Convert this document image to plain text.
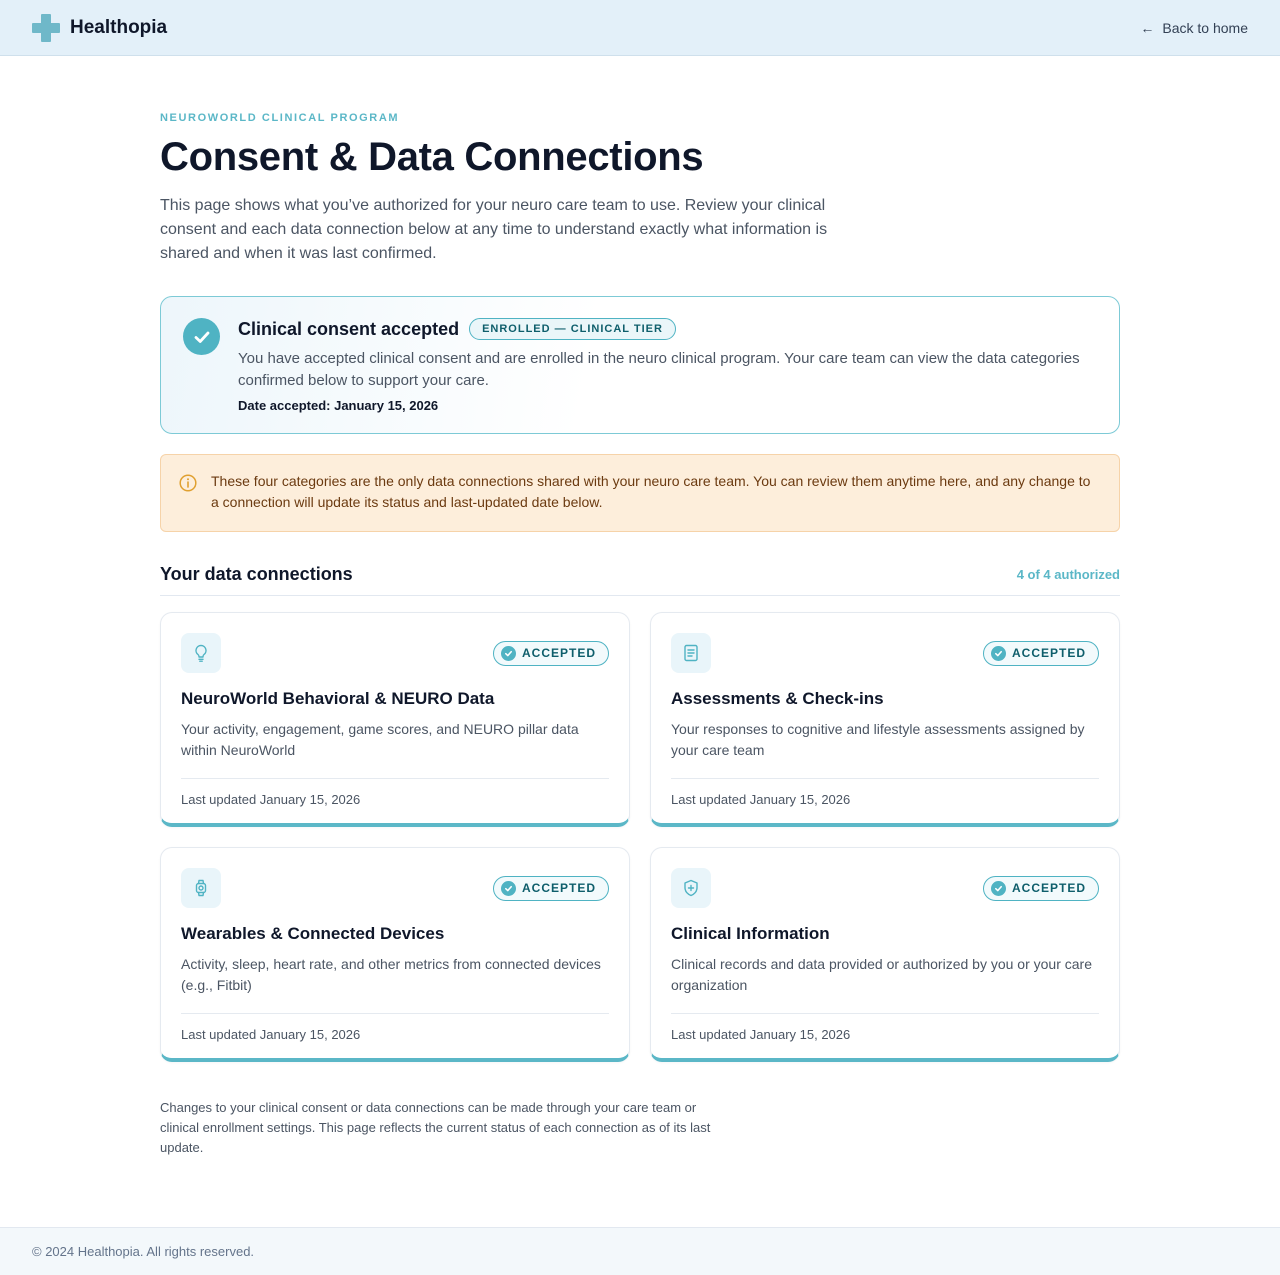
Healthopia	← Back to home
NEUROWORLD CLINICAL PROGRAM
Consent & Data Connections

This page shows what you’ve authorized for your neuro care team to use. Review your clinical consent and each data connection below at any time to understand exactly what information is shared and when it was last confirmed.

Clinical consent accepted	ENROLLED — CLINICAL TIER

You have accepted clinical consent and are enrolled in the neuro clinical program. Your care team can view the data categories confirmed below to support your care.

Date accepted: January 15, 2026

These four categories are the only data connections shared with your neuro care team. You can review them anytime here, and any change to a connection will update its status and last-updated date below.

Your data connections	4 of 4 authorized
ACCEPTED
NeuroWorld Behavioral & NEURO Data

Your activity, engagement, game scores, and NEURO pillar data within NeuroWorld

Last updated January 15, 2026

ACCEPTED
Assessments & Check-ins

Your responses to cognitive and lifestyle assessments assigned by your care team

Last updated January 15, 2026

ACCEPTED
Wearables & Connected Devices

Activity, sleep, heart rate, and other metrics from connected devices (e.g., Fitbit)

Last updated January 15, 2026

ACCEPTED
Clinical Information

Clinical records and data provided or authorized by you or your care organization

Last updated January 15, 2026

Changes to your clinical consent or data connections can be made through your care team or clinical enrollment settings. This page reflects the current status of each connection as of its last update.

© 2024 Healthopia. All rights reserved.
